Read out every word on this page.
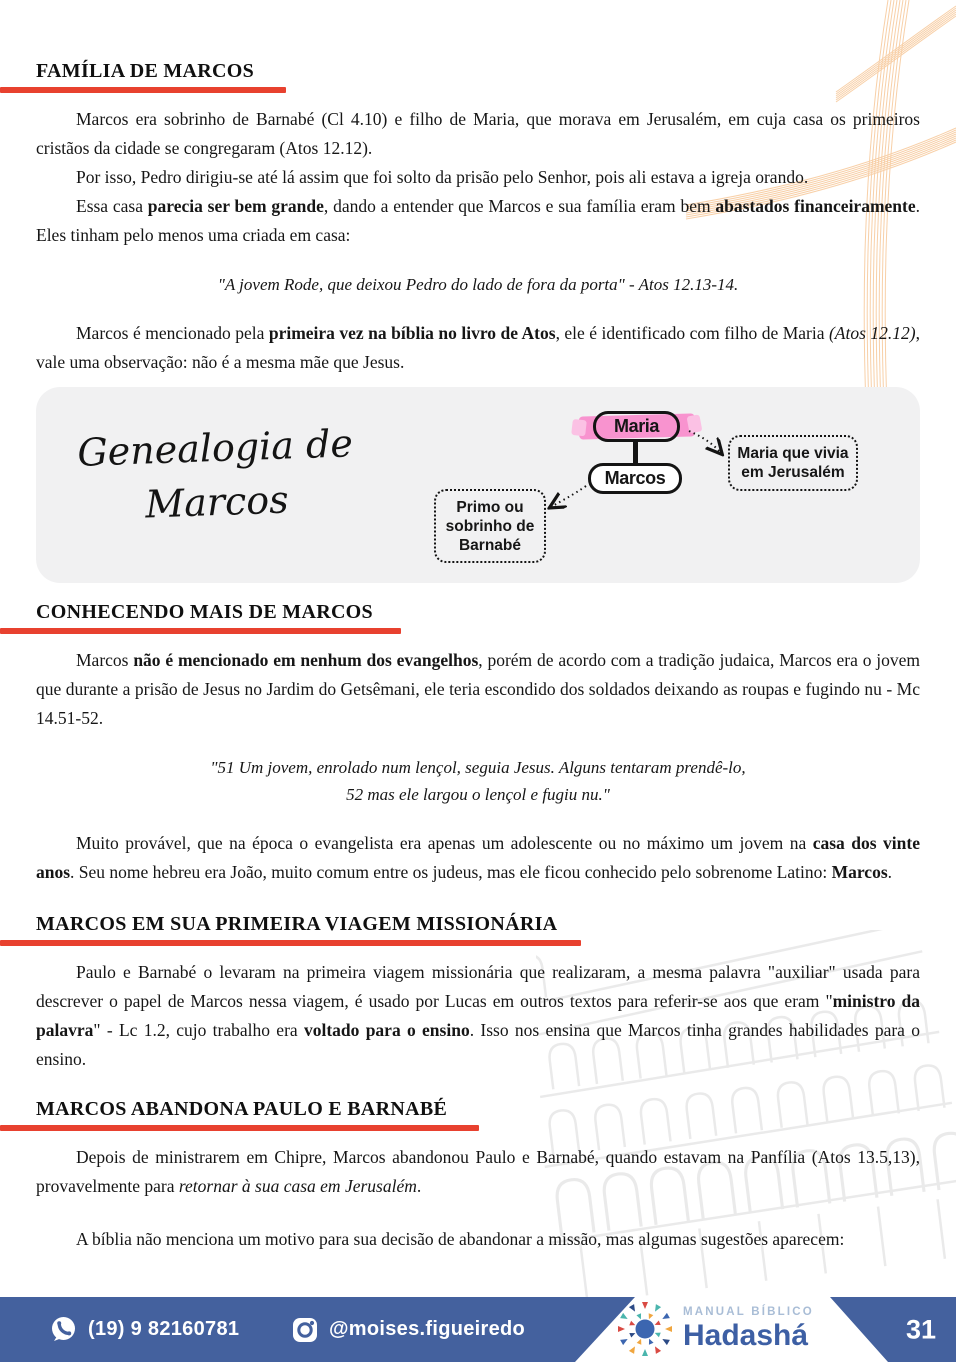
FAMÍLIA DE MARCOS

Marcos era sobrinho de Barnabé (Cl 4.10) e filho de Maria, que morava em Jerusalém, em cuja casa os primeiros cristãos da cidade se congregaram (Atos 12.12).

Por isso, Pedro dirigiu-se até lá assim que foi solto da prisão pelo Senhor, pois ali estava a igreja orando.

Essa casa parecia ser bem grande, dando a entender que Marcos e sua família eram bem abastados financeiramente. Eles tinham pelo menos uma criada em casa:

"A jovem Rode, que deixou Pedro do lado de fora da porta" - Atos 12.13-14.

Marcos é mencionado pela primeira vez na bíblia no livro de Atos, ele é identificado com filho de Maria (Atos 12.12), vale uma observação: não é a mesma mãe que Jesus.

Genealogia de
Marcos
Maria
Marcos
Maria que vivia
em Jerusalém
Primo ou
sobrinho de
Barnabé
CONHECENDO MAIS DE MARCOS

Marcos não é mencionado em nenhum dos evangelhos, porém de acordo com a tradição judaica, Marcos era o jovem que durante a prisão de Jesus no Jardim do Getsêmani, ele teria escondido dos soldados deixando as roupas e fugindo nu - Mc 14.51-52.

"51 Um jovem, enrolado num lençol, seguia Jesus. Alguns tentaram prendê-lo,
52 mas ele largou o lençol e fugiu nu."

Muito provável, que na época o evangelista era apenas um adolescente ou no máximo um jovem na casa dos vinte anos. Seu nome hebreu era João, muito comum entre os judeus, mas ele ficou conhecido pelo sobrenome Latino: Marcos.

MARCOS EM SUA PRIMEIRA VIAGEM MISSIONÁRIA

Paulo e Barnabé o levaram na primeira viagem missionária que realizaram, a mesma palavra "auxiliar" usada para descrever o papel de Marcos nessa viagem, é usado por Lucas em outros textos para referir-se aos que eram "ministro da palavra" - Lc 1.2, cujo trabalho era voltado para o ensino. Isso nos ensina que Marcos tinha grandes habilidades para o ensino.

MARCOS ABANDONA PAULO E BARNABÉ

Depois de ministrarem em Chipre, Marcos abandonou Paulo e Barnabé, quando estavam na Panfília (Atos 13.5,13), provavelmente para retornar à sua casa em Jerusalém.

A bíblia não menciona um motivo para sua decisão de abandonar a missão, mas algumas sugestões aparecem:

(19) 9 82160781	@moises.figueiredo
MANUAL BÍBLICO
Hadashá	31
